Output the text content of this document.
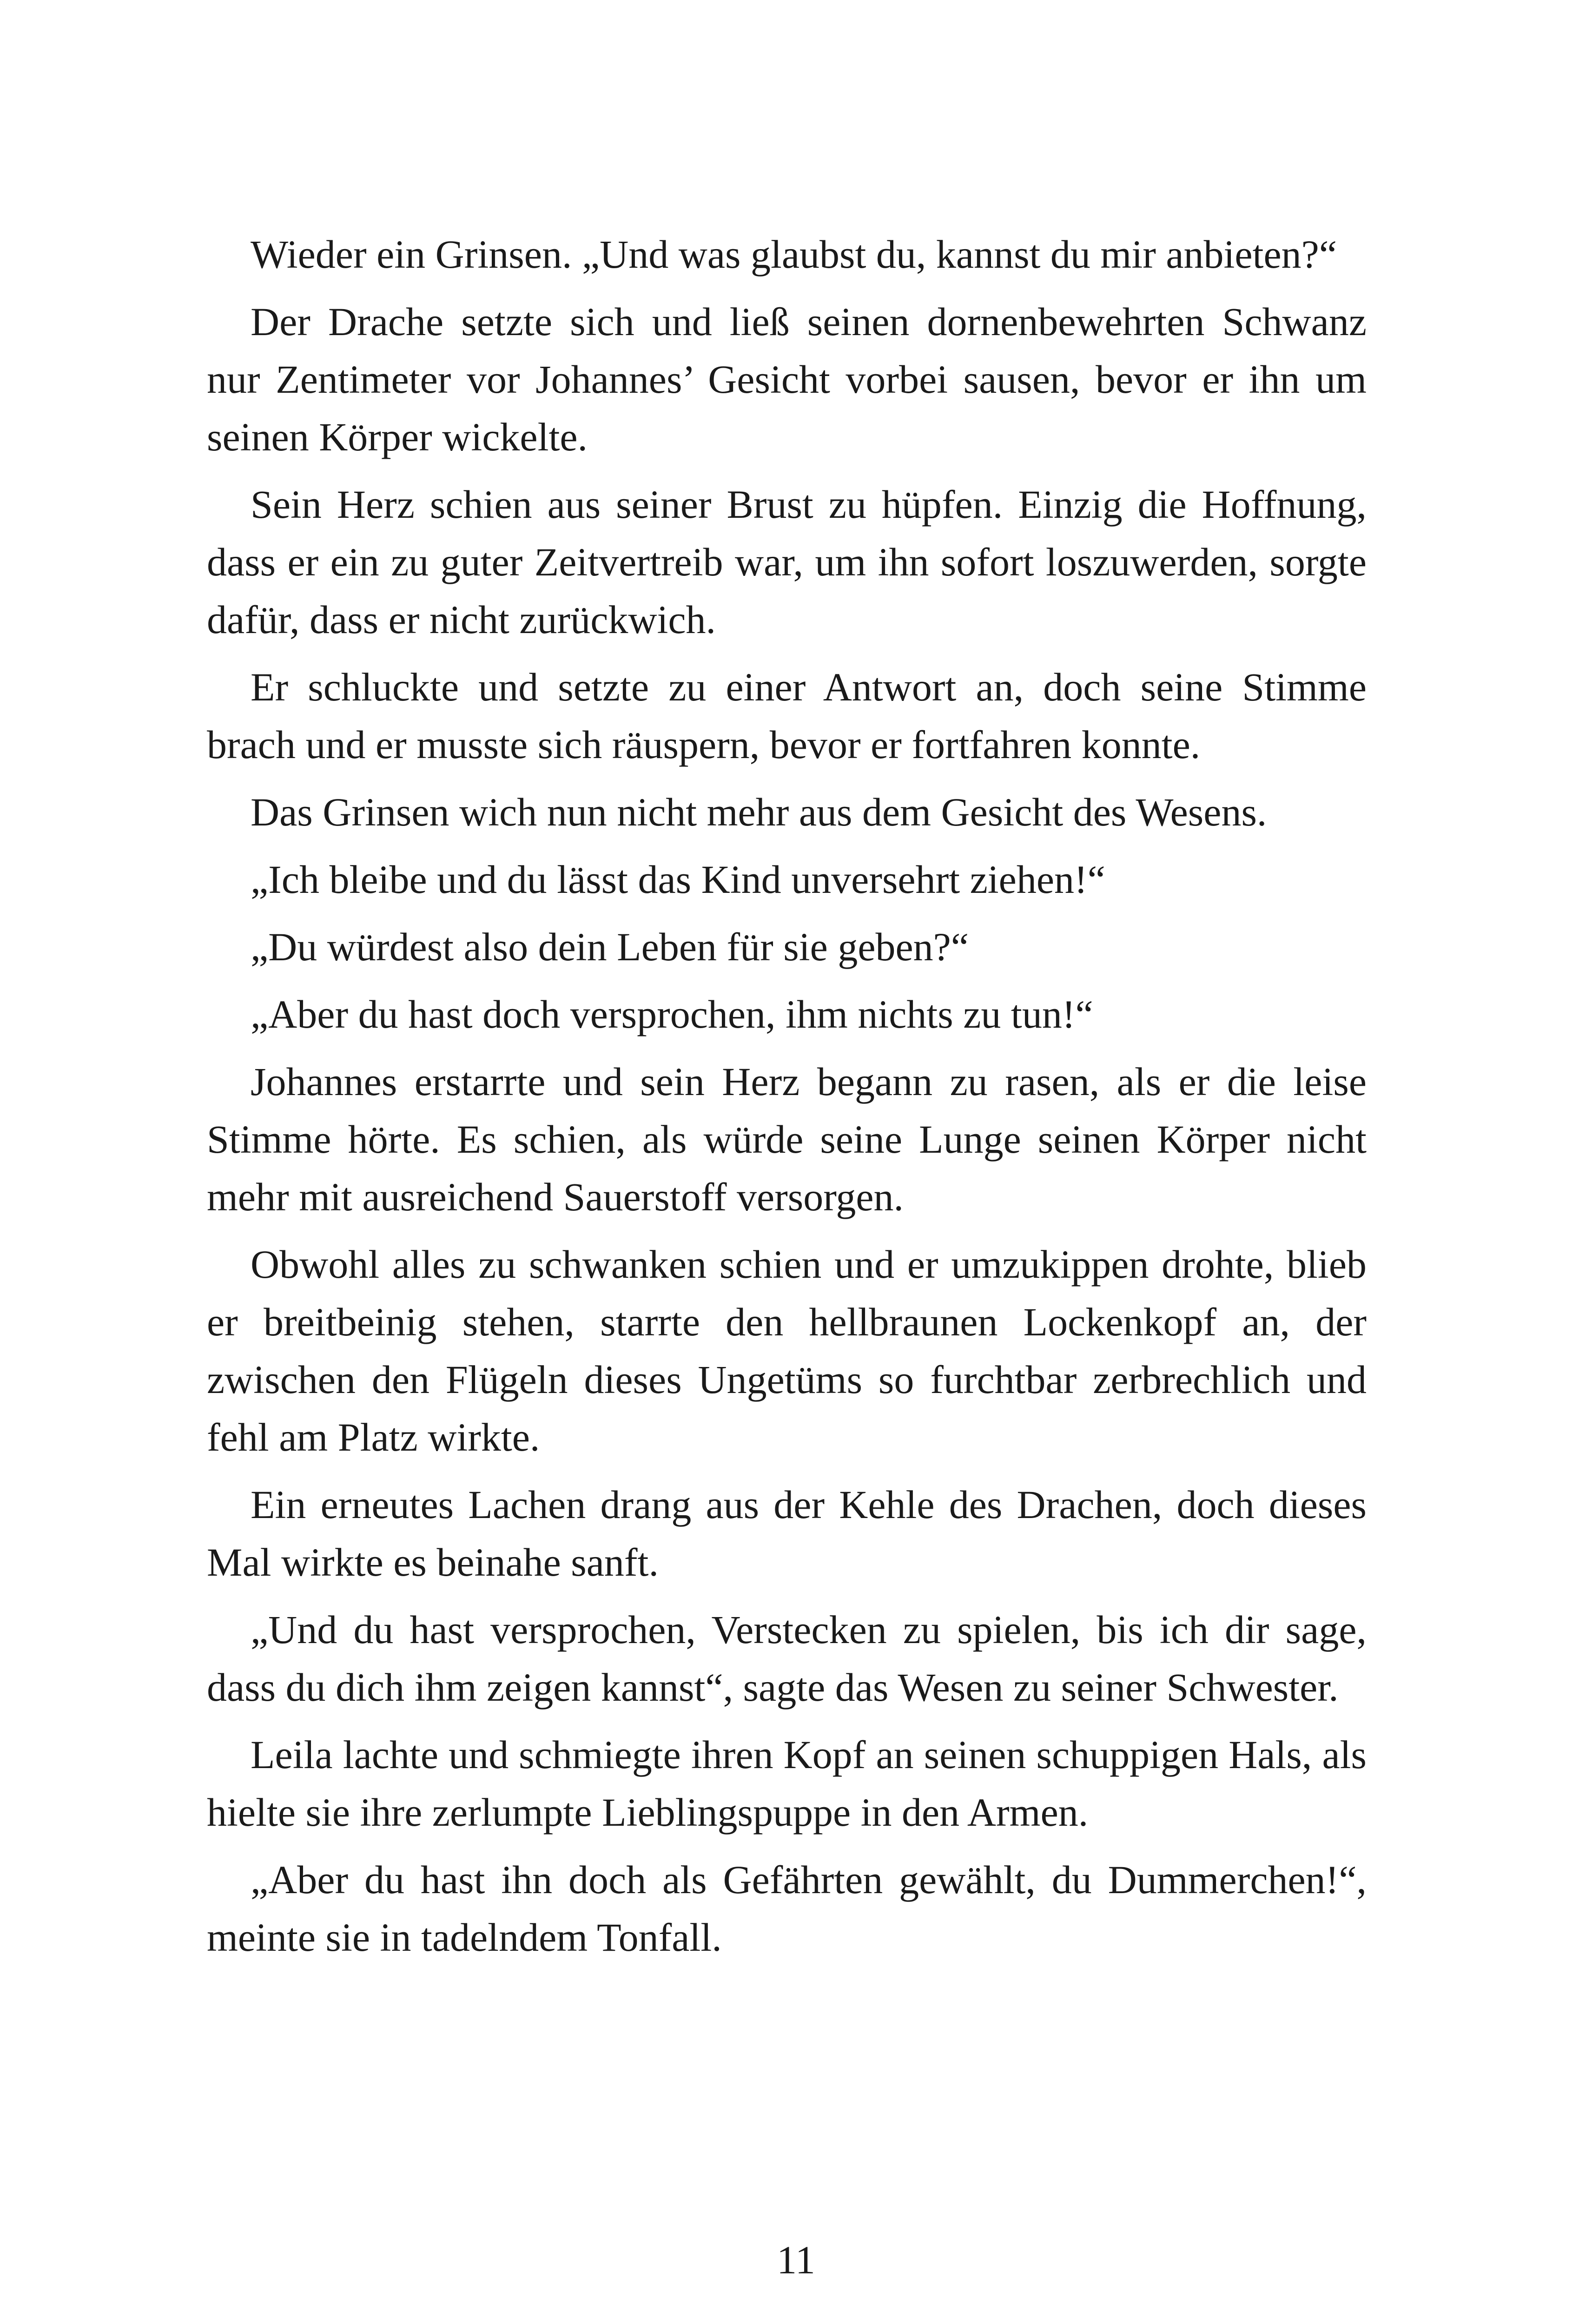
Wieder ein Grinsen. „Und was glaubst du, kannst du mir anbieten?“

Der Drache setzte sich und ließ seinen dornenbewehrten Schwanz nur Zentimeter vor Johannes’ Gesicht vorbei sausen, bevor er ihn um seinen Körper wickelte.

Sein Herz schien aus seiner Brust zu hüpfen. Einzig die Hoffnung, dass er ein zu guter Zeitvertreib war, um ihn sofort loszuwerden, sorgte dafür, dass er nicht zurückwich.

Er schluckte und setzte zu einer Antwort an, doch seine Stimme brach und er musste sich räuspern, bevor er fortfahren konnte.

Das Grinsen wich nun nicht mehr aus dem Gesicht des Wesens.

„Ich bleibe und du lässt das Kind unversehrt ziehen!“

„Du würdest also dein Leben für sie geben?“

„Aber du hast doch versprochen, ihm nichts zu tun!“

Johannes erstarrte und sein Herz begann zu rasen, als er die leise Stimme hörte. Es schien, als würde seine Lunge seinen Körper nicht mehr mit ausreichend Sauerstoff versorgen.

Obwohl alles zu schwanken schien und er umzukippen drohte, blieb er breitbeinig stehen, starrte den hellbraunen Lockenkopf an, der zwischen den Flügeln dieses Ungetüms so furchtbar zerbrechlich und fehl am Platz wirkte.

Ein erneutes Lachen drang aus der Kehle des Drachen, doch dieses Mal wirkte es beinahe sanft.

„Und du hast versprochen, Verstecken zu spielen, bis ich dir sage, dass du dich ihm zeigen kannst“, sagte das Wesen zu seiner Schwester.

Leila lachte und schmiegte ihren Kopf an seinen schuppigen Hals, als hielte sie ihre zerlumpte Lieblingspuppe in den Armen.

„Aber du hast ihn doch als Gefährten gewählt, du Dummerchen!“, meinte sie in tadelndem Tonfall.

11
